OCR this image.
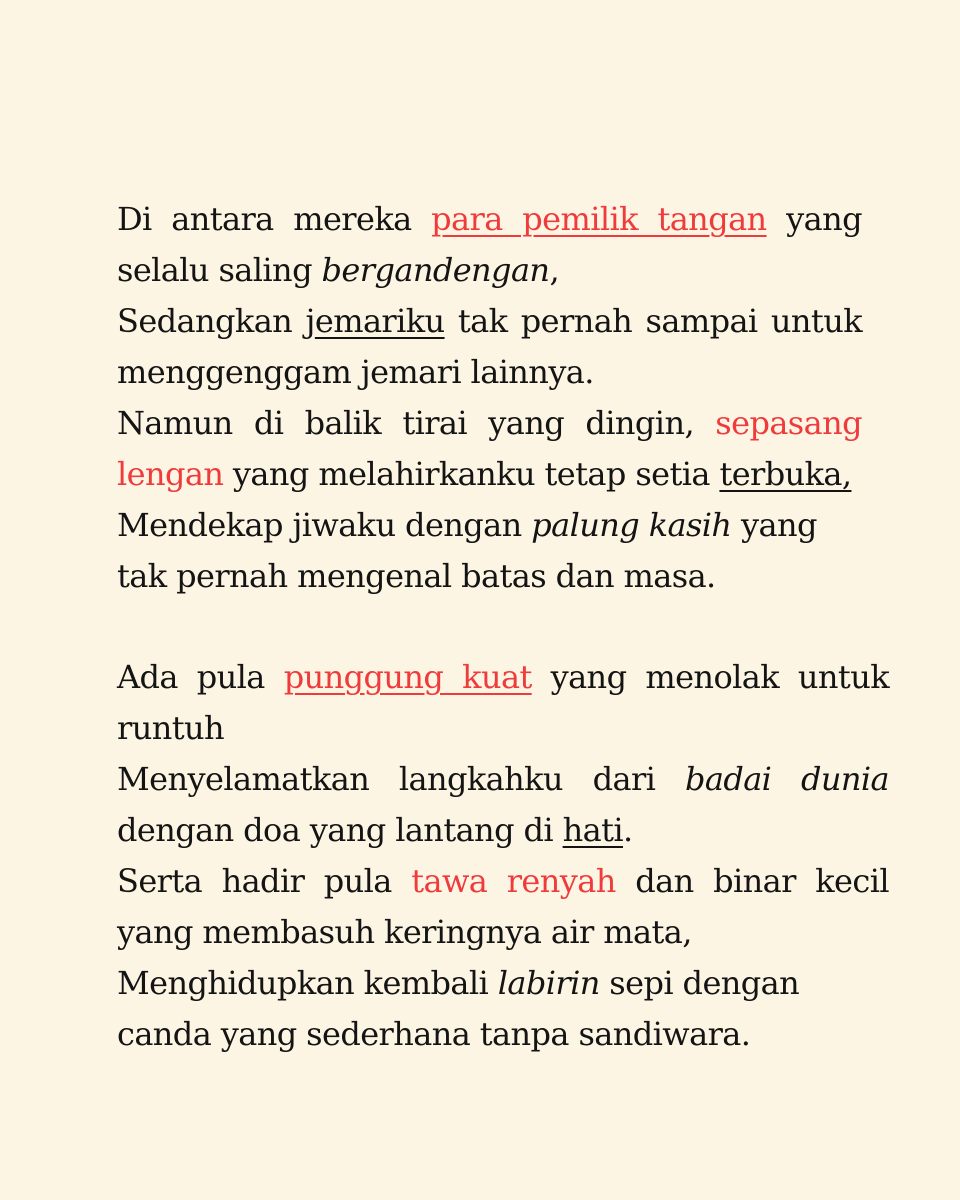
Di antara mereka para pemilik tangan yang selalu saling bergandengan,
Sedangkan jemariku tak pernah sampai untuk menggenggam jemari lainnya.
Namun di balik tirai yang dingin, sepasang lengan yang melahirkanku tetap setia terbuka,
Mendekap jiwaku dengan palung kasih yang tak pernah mengenal batas dan masa.
Ada pula punggung kuat yang menolak untuk runtuh
Menyelamatkan langkahku dari badai dunia dengan doa yang lantang di hati.
Serta hadir pula tawa renyah dan binar kecil yang membasuh keringnya air mata,
Menghidupkan kembali labirin sepi dengan canda yang sederhana tanpa sandiwara.
